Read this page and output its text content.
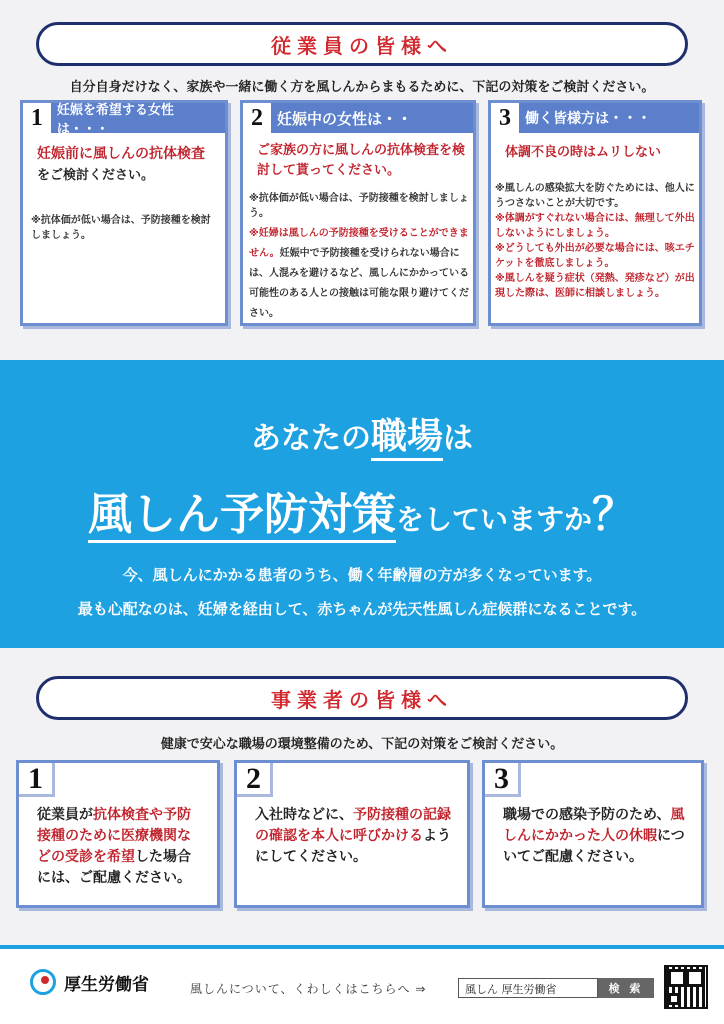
従業員の皆様へ
自分自身だけなく、家族や一緒に働く方を風しんからまもるために、下記の対策をご検討ください。
1	妊娠を希望する女性は・・・
妊娠前に風しんの抗体検査をご検討ください。
※抗体価が低い場合は、予防接種を検討しましょう。
2 妊娠中の女性は・・
ご家族の方に風しんの抗体検査を検討して貰ってください。
※抗体価が低い場合は、予防接種を検討しましょう。
※妊婦は風しんの予防接種を受けることができません。妊娠中で予防接種を受けられない場合には、人混みを避けるなど、風しんにかかっている可能性のある人との接触は可能な限り避けてください。
3	働く皆様方は・・・
体調不良の時はムリしない
※風しんの感染拡大を防ぐためには、他人にうつさないことが大切です。
※体調がすぐれない場合には、無理して外出しないようにしましょう。
※どうしても外出が必要な場合には、咳エチケットを徹底しましょう。
※風しんを疑う症状（発熱、発疹など）が出現した際は、医師に相談しましょう。
あなたの職場は
風しん予防対策をしていますか？
今、風しんにかかる患者のうち、働く年齢層の方が多くなっています。
最も心配なのは、妊婦を経由して、赤ちゃんが先天性風しん症候群になることです。
事業者の皆様へ
健康で安心な職場の環境整備のため、下記の対策をご検討ください。
1
従業員が抗体検査や予防接種のために医療機関などの受診を希望した場合には、ご配慮ください。
2
入社時などに、予防接種の記録の確認を本人に呼びかけるようにしてください。
3
職場での感染予防のため、風しんにかかった人の休暇についてご配慮ください。
厚生労働省	風しんについて、くわしくはこちらへ ⇒	風しん 厚生労働省	検 索
